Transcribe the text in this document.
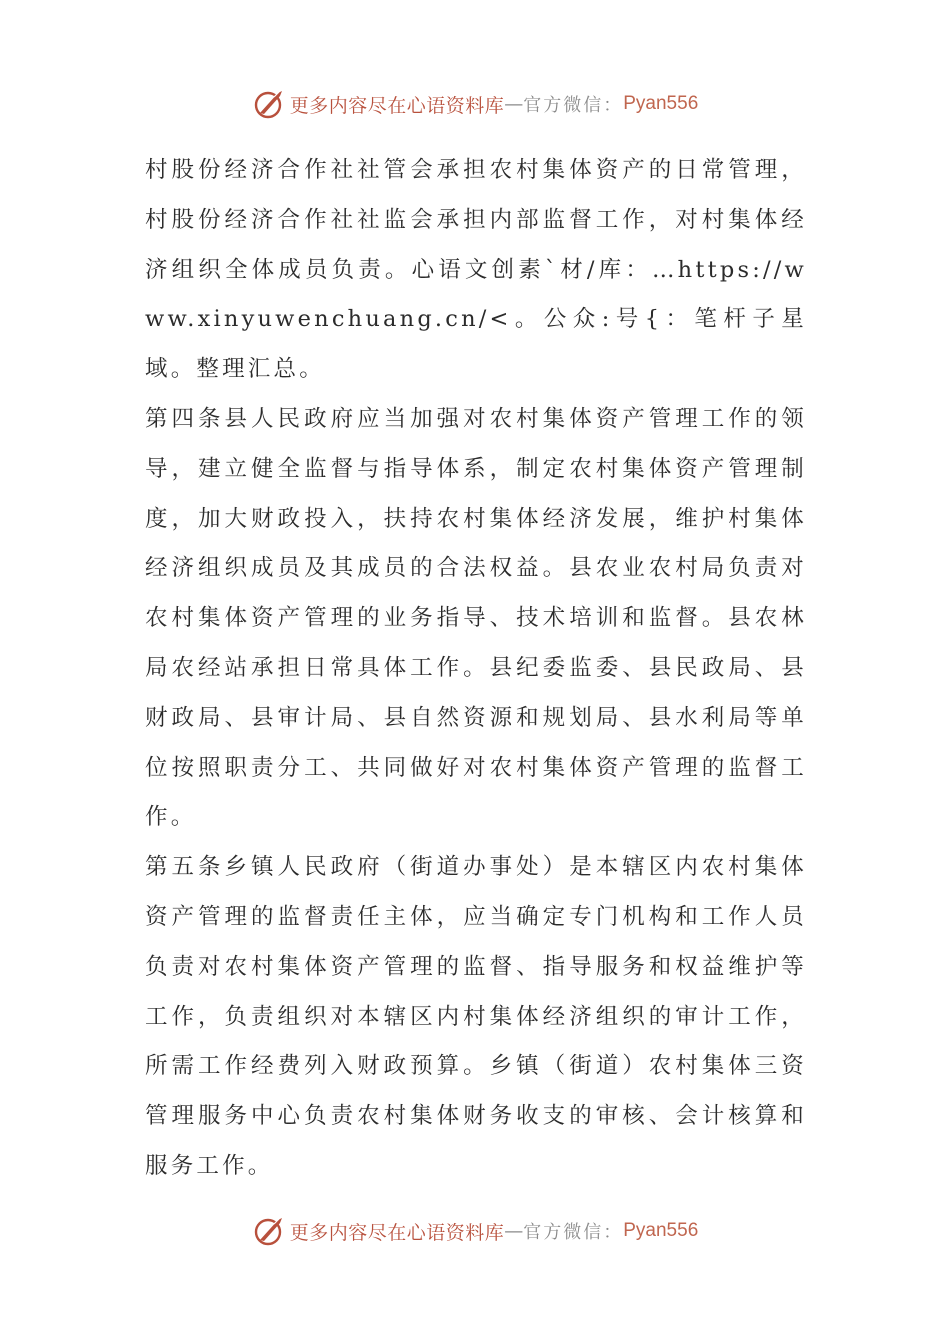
更多内容尽在心语资料库 — 官方微信： Pyan556

村股份经济合作社社管会承担农村集体资产的日常管理，村股份经济合作社社监会承担内部监督工作，对村集体经济组织全体成员负责。心语文创素`材/库：…https://www.xinyuwenchuang.cn/<。公众:号{：笔杆子星域。整理汇总。

第四条县人民政府应当加强对农村集体资产管理工作的领导，建立健全监督与指导体系，制定农村集体资产管理制度，加大财政投入，扶持农村集体经济发展，维护村集体经济组织成员及其成员的合法权益。县农业农村局负责对农村集体资产管理的业务指导、技术培训和监督。县农林局农经站承担日常具体工作。县纪委监委、县民政局、县财政局、县审计局、县自然资源和规划局、县水利局等单位按照职责分工、共同做好对农村集体资产管理的监督工作。

第五条乡镇人民政府（街道办事处）是本辖区内农村集体资产管理的监督责任主体，应当确定专门机构和工作人员负责对农村集体资产管理的监督、指导服务和权益维护等工作，负责组织对本辖区内村集体经济组织的审计工作，所需工作经费列入财政预算。乡镇（街道）农村集体三资管理服务中心负责农村集体财务收支的审核、会计核算和服务工作。

更多内容尽在心语资料库 — 官方微信： Pyan556
